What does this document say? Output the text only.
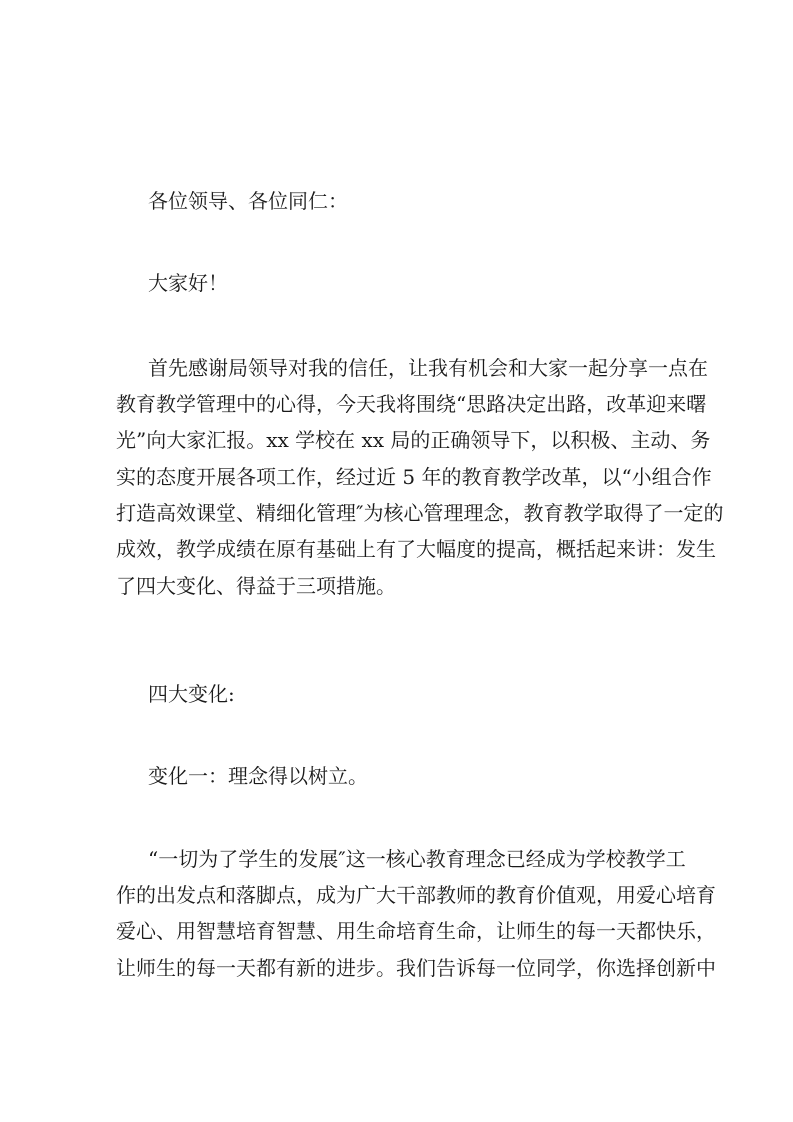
各位领导、各位同仁：
大家好！
首先感谢局领导对我的信任，让我有机会和大家一起分享一点在
教育教学管理中的心得，今天我将围绕“思路决定出路，改革迎来曙
光”向大家汇报。xx 学校在 xx 局的正确领导下，以积极、主动、务
实的态度开展各项工作，经过近 5 年的教育教学改革，以“小组合作
打造高效课堂、精细化管理″为核心管理理念，教育教学取得了一定的
成效，教学成绩在原有基础上有了大幅度的提高，概括起来讲：发生
了四大变化、得益于三项措施。
四大变化:
变化一：理念得以树立。
“一切为了学生的发展″这一核心教育理念已经成为学校教学工
作的出发点和落脚点，成为广大干部教师的教育价值观，用爱心培育
爱心、用智慧培育智慧、用生命培育生命，让师生的每一天都快乐，
让师生的每一天都有新的进步。我们告诉每一位同学，你选择创新中
